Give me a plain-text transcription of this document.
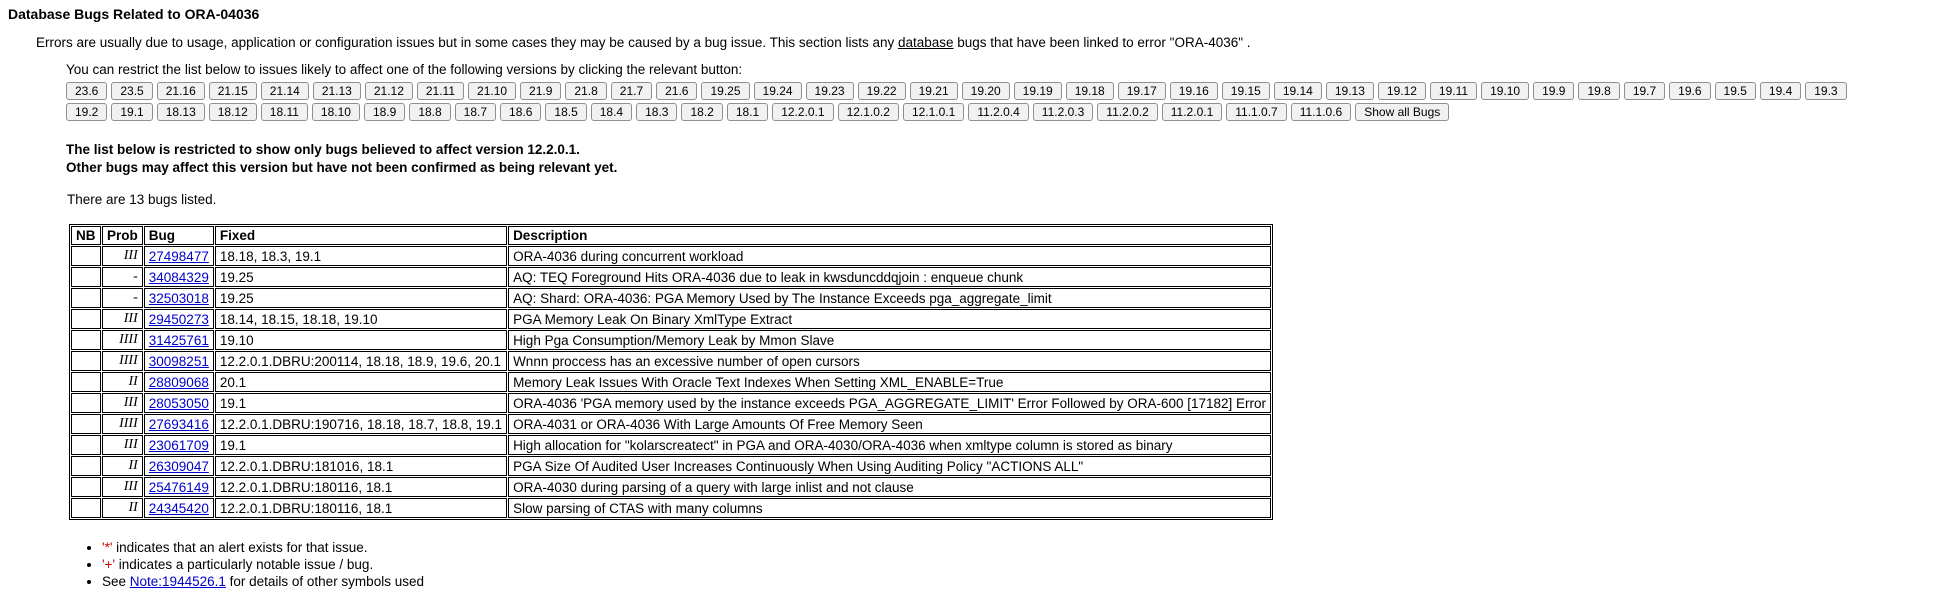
Database Bugs Related to ORA-04036

Errors are usually due to usage, application or configuration issues but in some cases they may be caused by a bug issue. This section lists any database bugs that have been linked to error "ORA-4036" .

You can restrict the list below to issues likely to affect one of the following versions by clicking the relevant button:
23.6	23.5	21.16	21.15	21.14	21.13	21.12	21.11	21.10	21.9	21.8	21.7	21.6	19.25	19.24	19.23	19.22	19.21	19.20	19.19	19.18	19.17	19.16	19.15	19.14	19.13	19.12	19.11	19.10	19.9	19.8	19.7	19.6	19.5	19.4	19.3
19.2	19.1	18.13	18.12	18.11	18.10	18.9	18.8	18.7	18.6	18.5	18.4	18.3	18.2	18.1	12.2.0.1	12.1.0.2	12.1.0.1	11.2.0.4	11.2.0.3	11.2.0.2	11.2.0.1	11.1.0.7	11.1.0.6	Show all Bugs
The list below is restricted to show only bugs believed to affect version 12.2.0.1.
Other bugs may affect this version but have not been confirmed as being relevant yet.
There are 13 bugs listed.
NB	Prob	Bug	Fixed	Description
	III	27498477	18.18, 18.3, 19.1	ORA-4036 during concurrent workload
	-	34084329	19.25	AQ: TEQ Foreground Hits ORA-4036 due to leak in kwsduncddqjoin : enqueue chunk
	-	32503018	19.25	AQ: Shard: ORA-4036: PGA Memory Used by The Instance Exceeds pga_aggregate_limit
	III	29450273	18.14, 18.15, 18.18, 19.10	PGA Memory Leak On Binary XmlType Extract
	IIII	31425761	19.10	High Pga Consumption/Memory Leak by Mmon Slave
	IIII	30098251	12.2.0.1.DBRU:200114, 18.18, 18.9, 19.6, 20.1	Wnnn proccess has an excessive number of open cursors
	II	28809068	20.1	Memory Leak Issues With Oracle Text Indexes When Setting XML_ENABLE=True
	III	28053050	19.1	ORA-4036 'PGA memory used by the instance exceeds PGA_AGGREGATE_LIMIT' Error Followed by ORA-600 [17182] Error
	IIII	27693416	12.2.0.1.DBRU:190716, 18.18, 18.7, 18.8, 19.1	ORA-4031 or ORA-4036 With Large Amounts Of Free Memory Seen
	III	23061709	19.1	High allocation for "kolarscreatect" in PGA and ORA-4030/ORA-4036 when xmltype column is stored as binary
	II	26309047	12.2.0.1.DBRU:181016, 18.1	PGA Size Of Audited User Increases Continuously When Using Auditing Policy "ACTIONS ALL"
	III	25476149	12.2.0.1.DBRU:180116, 18.1	ORA-4030 during parsing of a query with large inlist and not clause
	II	24345420	12.2.0.1.DBRU:180116, 18.1	Slow parsing of CTAS with many columns
• '*' indicates that an alert exists for that issue.
• '+' indicates a particularly notable issue / bug.
• See Note:1944526.1 for details of other symbols used
